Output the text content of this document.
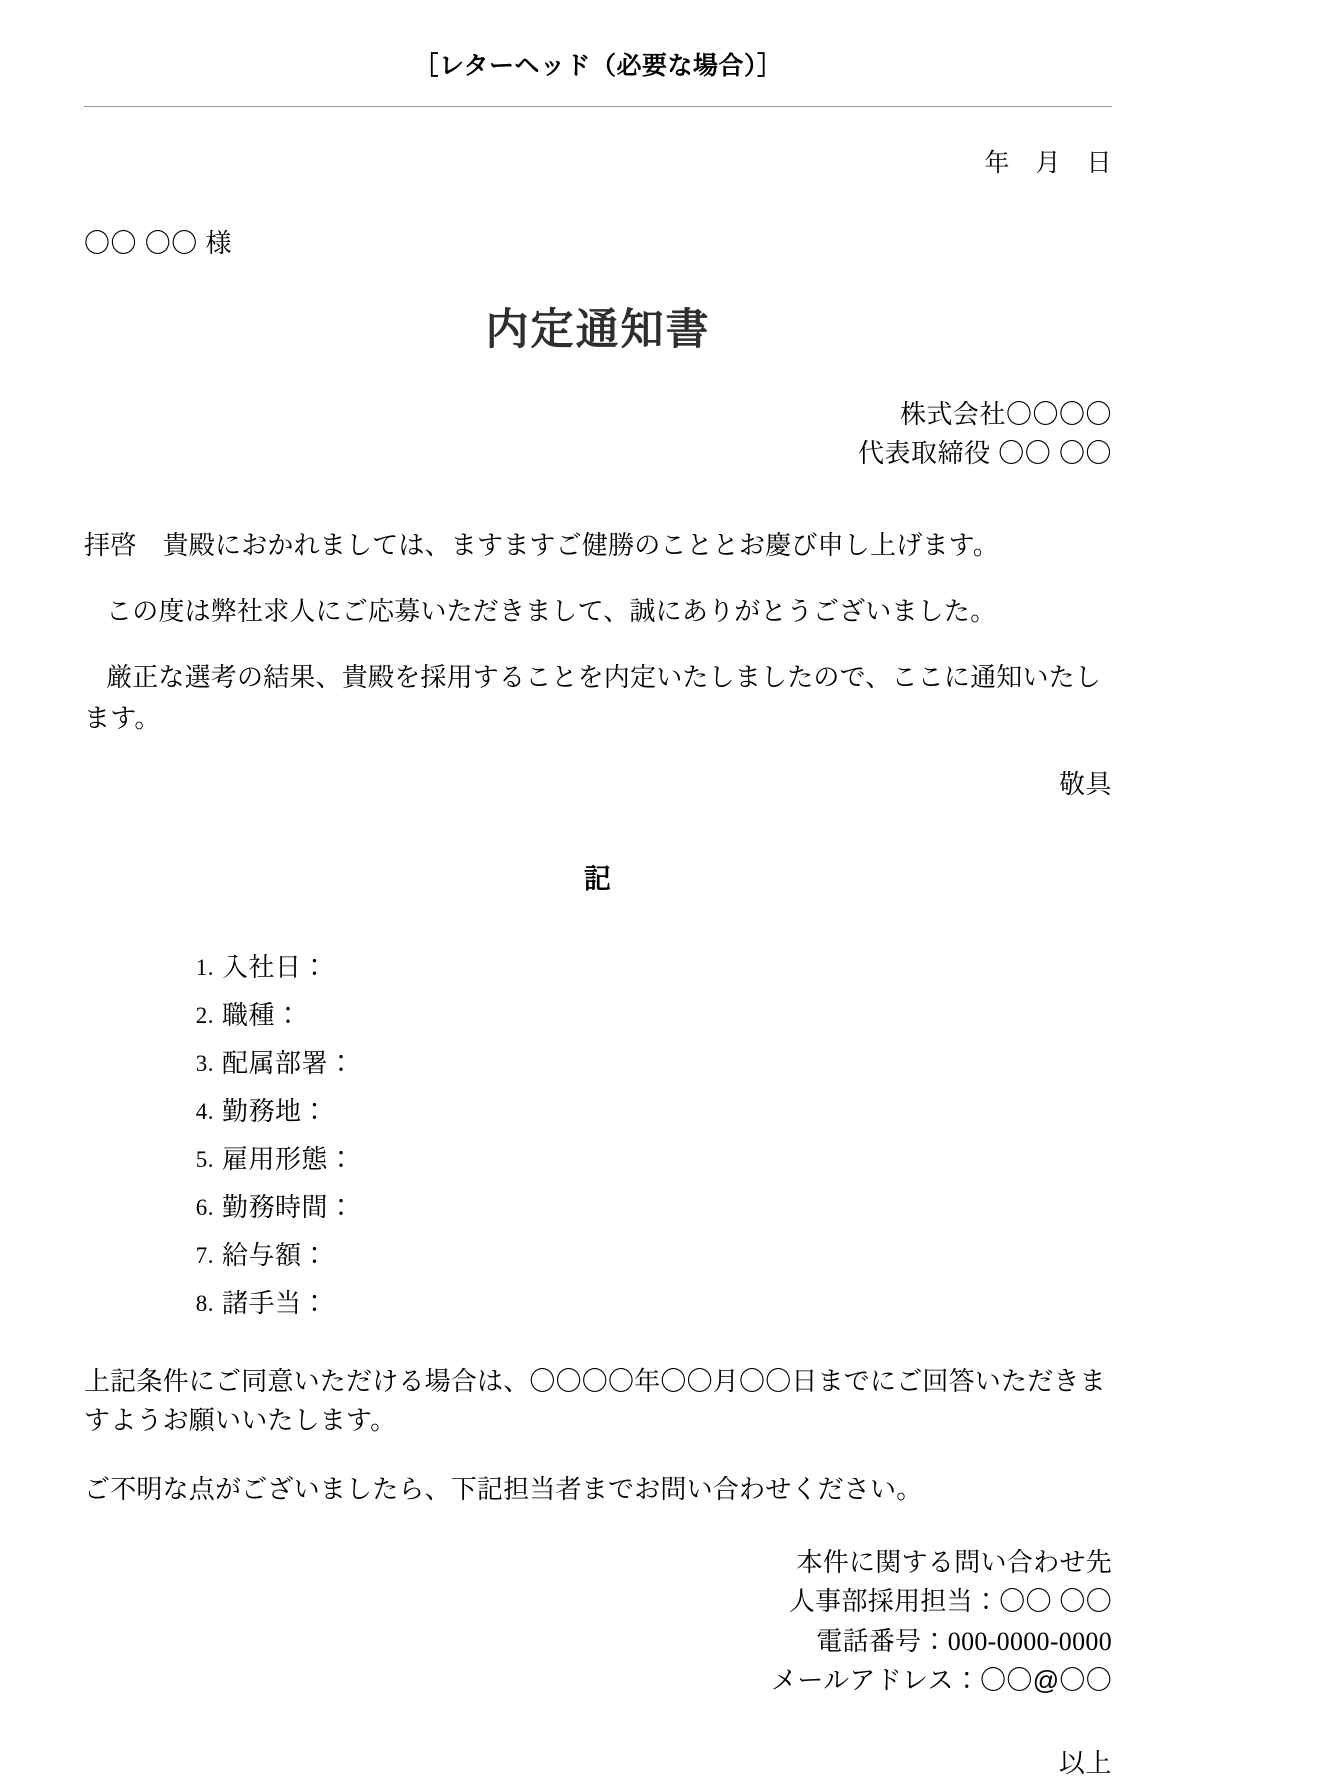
［レターヘッド（必要な場合）］
年　月　日
〇〇 〇〇 様
内定通知書
株式会社〇〇〇〇
代表取締役 〇〇 〇〇

拝啓　貴殿におかれましては、ますますご健勝のこととお慶び申し上げます。

この度は弊社求人にご応募いただきまして、誠にありがとうございました。

厳正な選考の結果、貴殿を採用することを内定いたしましたので、ここに通知いたします。

敬具
記
1. 入社日：
2. 職種：
3. 配属部署：
4. 勤務地：
5. 雇用形態：
6. 勤務時間：
7. 給与額：
8. 諸手当：

上記条件にご同意いただける場合は、〇〇〇〇年〇〇月〇〇日までにご回答いただきますようお願いいたします。

ご不明な点がございましたら、下記担当者までお問い合わせください。

本件に関する問い合わせ先
人事部採用担当：〇〇 〇〇
電話番号：000-0000-0000
メールアドレス：〇〇@〇〇
以上
